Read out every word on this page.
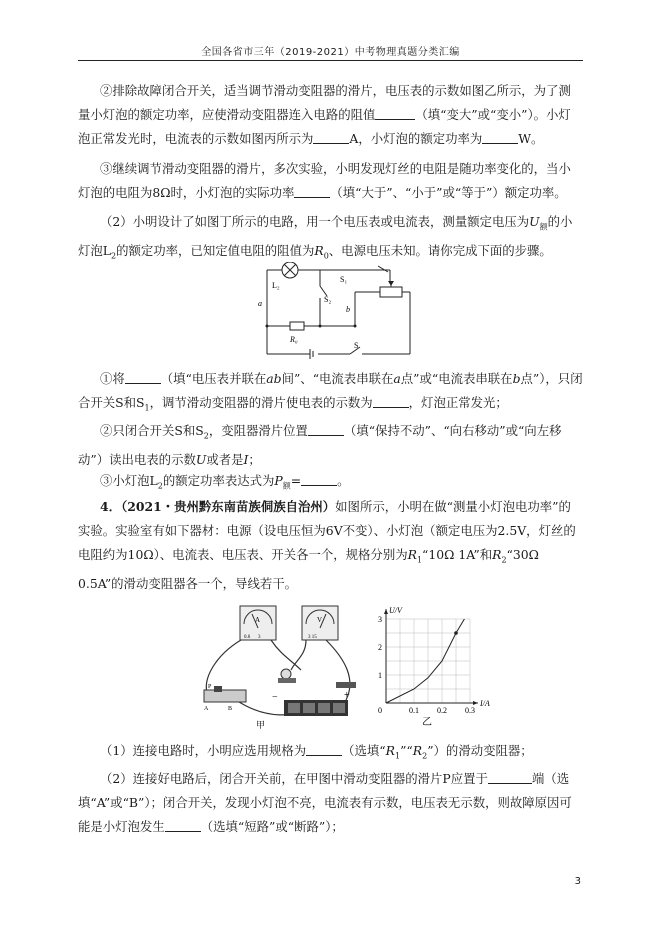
全国各省市三年（2019-2021）中考物理真题分类汇编

②排除故障闭合开关，适当调节滑动变阻器的滑片，电压表的示数如图乙所示，为了测量小灯泡的额定功率，应使滑动变阻器连入电路的阻值	（填“变大”或“变小”）。小灯泡正常发光时，电流表的示数如图丙所示为	A，小灯泡的额定功率为	W。

③继续调节滑动变阻器的滑片，多次实验，小明发现灯丝的电阻是随功率变化的，当小灯泡的电阻为8Ω时，小灯泡的实际功率	（填“大于”、“小于”或“等于”）额定功率。

（2）小明设计了如图丁所示的电路，用一个电压表或电流表，测量额定电压为$U_额$的小灯泡$L_2$的额定功率，已知定值电阻的阻值为$R_0$、电源电压未知。请你完成下面的步骤。

L₂
S₁
S₂
a
b
R₀
S

①将	（填“电压表并联在ab间”、“电流表串联在a点”或“电流表串联在b点”），只闭合开关S和$S_1$，调节滑动变阻器的滑片使电表的示数为	，灯泡正常发光；

②只闭合开关S和$S_2$，变阻器滑片位置	（填“保持不动”、“向右移动”或“向左移动”）读出电表的示数U或者是I；

③小灯泡$L_2$的额定功率表达式为$P_额=$	。

4．（2021・贵州黔东南苗族侗族自治州）如图所示，小明在做“测量小灯泡电功率”的实验。实验室有如下器材：电源（设电压恒为6V不变）、小灯泡（额定电压为2.5V，灯丝的电阻约为10Ω）、电流表、电压表、开关各一个，规格分别为$R_1“10\Omega$ 1A”和$R_2“30\Omega$ 0.5A”的滑动变阻器各一个，导线若干。

A
0.6 3
V
3 15
P
A	B
−	+
甲
0	0.1 0.2 0.3
1
2
3
I/A
U/V
乙

（1）连接电路时，小明应选用规格为	（选填“$R_1”“R_2$”）的滑动变阻器；

（2）连接好电路后，闭合开关前，在甲图中滑动变阻器的滑片P应置于	端（选填“A”或“B”）；闭合开关，发现小灯泡不亮，电流表有示数，电压表无示数，则故障原因可能是小灯泡发生	（选填“短路”或“断路”）；

3
